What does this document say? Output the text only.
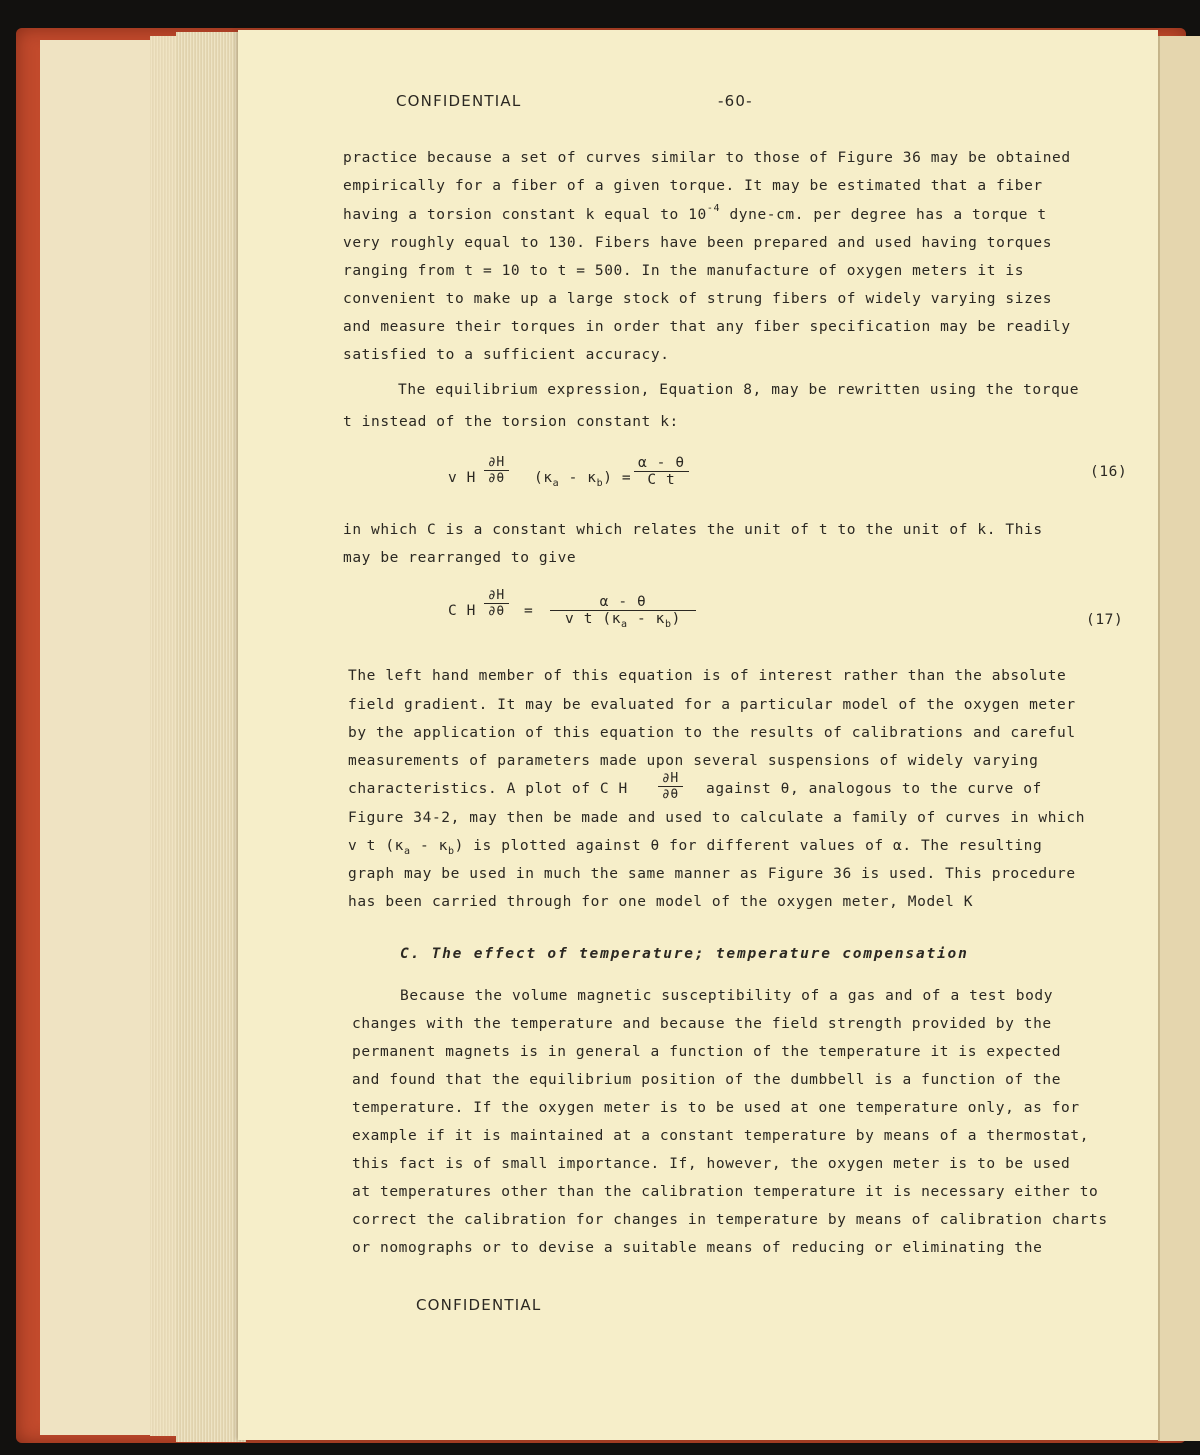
CONFIDENTIAL	-60-
practice because a set of curves similar to those of Figure 36 may be obtained
empirically for a fiber of a given torque. It may be estimated that a fiber
having a torsion constant k equal to $10^{-4}$ dyne-cm. per degree has a torque t
very roughly equal to 130. Fibers have been prepared and used having torques
ranging from t = 10 to t = 500. In the manufacture of oxygen meters it is
convenient to make up a large stock of strung fibers of widely varying sizes
and measure their torques in order that any fiber specification may be readily
satisfied to a sufficient accuracy.
The equilibrium expression, Equation 8, may be rewritten using the torque
t instead of the torsion constant k:
v H $\frac{\partial H}{\partial\theta} (\kappa_a - \kappa_b) = \frac{\alpha - \theta}{\text{C t}}$	(16)
in which C is a constant which relates the unit of t to the unit of k. This
may be rearranged to give
C H $\frac{\partial H}{\partial\theta} = \frac{\alpha - \theta}{v t (\kappa_a - \kappa_b)}$	(17)
The left hand member of this equation is of interest rather than the absolute
field gradient. It may be evaluated for a particular model of the oxygen meter
by the application of this equation to the results of calibrations and careful
measurements of parameters made upon several suspensions of widely varying
characteristics. A plot of C H $\frac{\partial H}{\partial\theta}$ against θ, analogous to the curve of
Figure 34-2, may then be made and used to calculate a family of curves in which
v t $(\kappa_a - \kappa_b)$ is plotted against θ for different values of α. The resulting
graph may be used in much the same manner as Figure 36 is used. This procedure
has been carried through for one model of the oxygen meter, Model K
C. The effect of temperature; temperature compensation
Because the volume magnetic susceptibility of a gas and of a test body
changes with the temperature and because the field strength provided by the
permanent magnets is in general a function of the temperature it is expected
and found that the equilibrium position of the dumbbell is a function of the
temperature. If the oxygen meter is to be used at one temperature only, as for
example if it is maintained at a constant temperature by means of a thermostat,
this fact is of small importance. If, however, the oxygen meter is to be used
at temperatures other than the calibration temperature it is necessary either to
correct the calibration for changes in temperature by means of calibration charts
or nomographs or to devise a suitable means of reducing or eliminating the
CONFIDENTIAL
